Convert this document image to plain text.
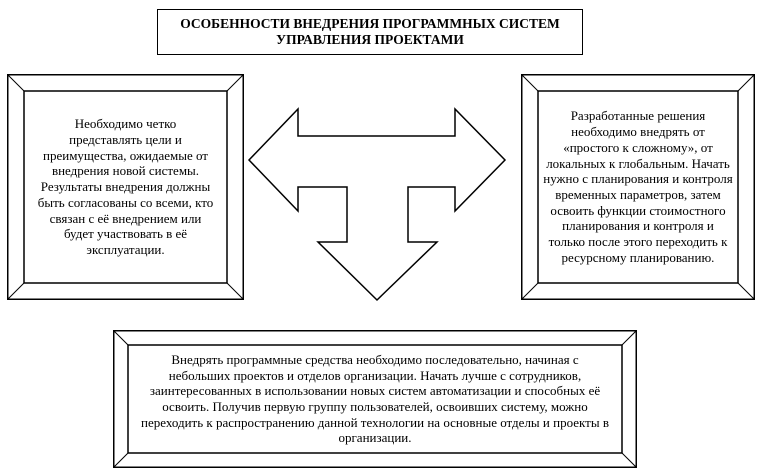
ОСОБЕННОСТИ ВНЕДРЕНИЯ ПРОГРАММНЫХ СИСТЕМ
УПРАВЛЕНИЯ ПРОЕКТАМИ
Необходимо четко представлять цели и преимущества, ожидаемые от внедрения новой системы. Результаты внедрения должны быть согласованы со всеми, кто связан с её внедрением или будет участвовать в её эксплуатации.
Разработанные решения необходимо внедрять от «простого к сложному», от локальных к глобальным. Начать нужно с планирования и контроля временных параметров, затем освоить функции стоимостного планирования и контроля и только после этого переходить к ресурсному планированию.
Внедрять программные средства необходимо последовательно, начиная с небольших проектов и отделов организации. Начать лучше с сотрудников, заинтересованных в использовании новых систем автоматизации и способных её освоить. Получив первую группу пользователей, освоивших систему, можно переходить к распространению данной технологии на основные отделы и проекты в организации.
